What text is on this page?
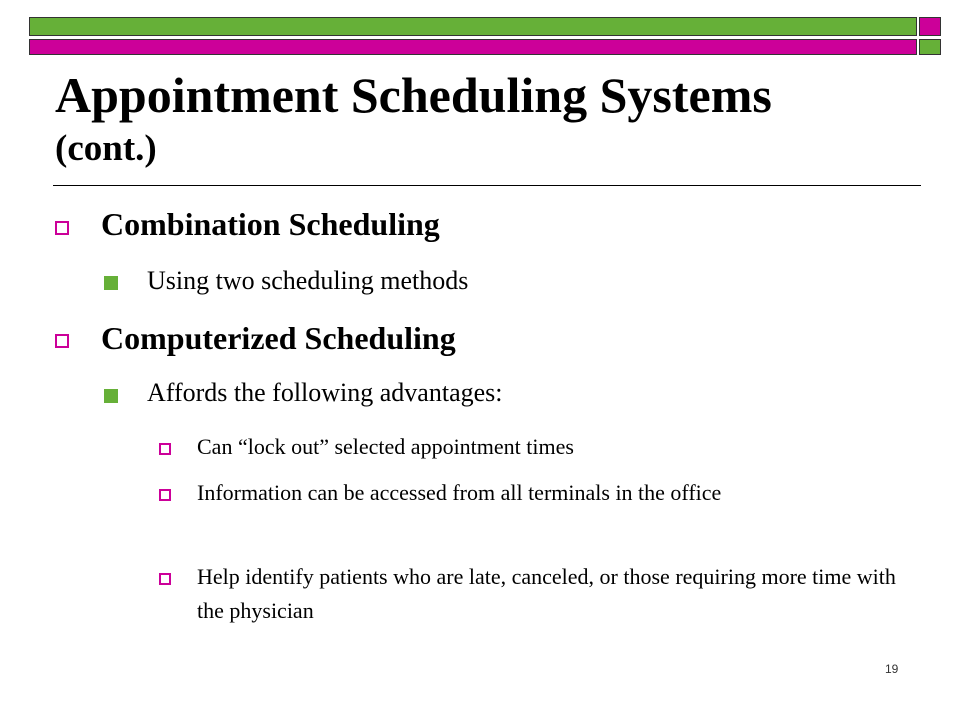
Appointment Scheduling Systems
(cont.)
Combination Scheduling
Using two scheduling methods
Computerized Scheduling
Affords the following advantages:
Can “lock out” selected appointment times
Information can be accessed from all terminals in the office
Help identify patients who are late, canceled, or those requiring more time with the physician
19
